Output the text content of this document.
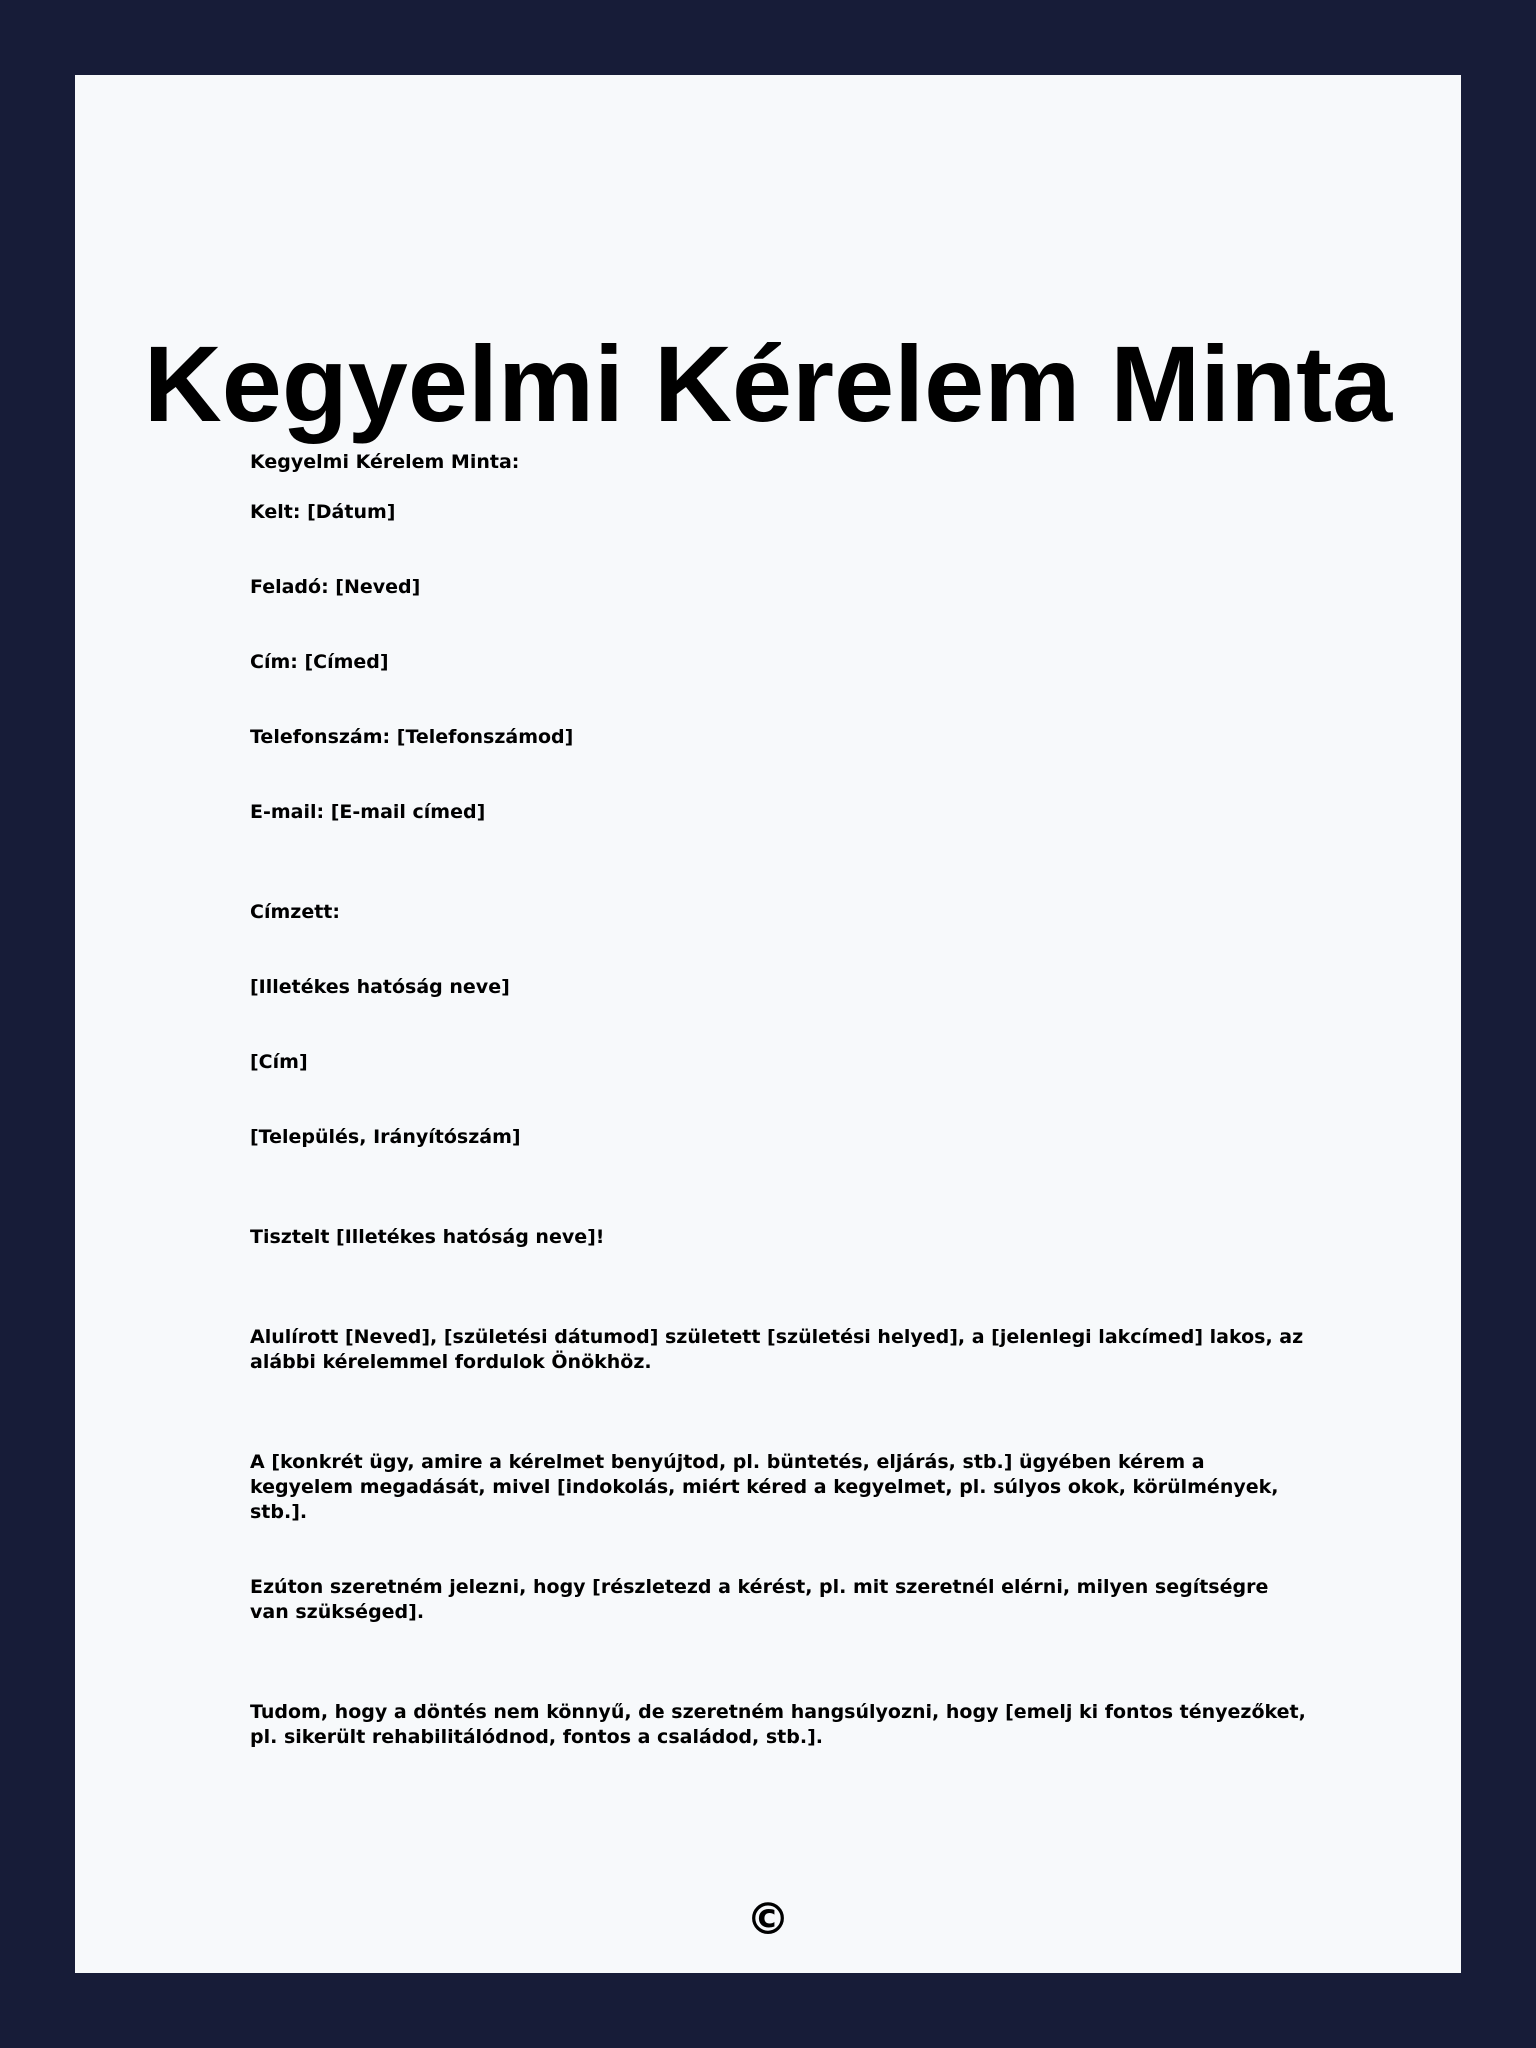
Kegyelmi Kérelem Minta

Kegyelmi Kérelem Minta:

Kelt: [Dátum]

Feladó: [Neved]

Cím: [Címed]

Telefonszám: [Telefonszámod]

E-mail: [E-mail címed]

Címzett:

[Illetékes hatóság neve]

[Cím]

[Település, Irányítószám]

Tisztelt [Illetékes hatóság neve]!

Alulírott [Neved], [születési dátumod] született [születési helyed], a [jelenlegi lakcímed] lakos, az alábbi kérelemmel fordulok Önökhöz.

A [konkrét ügy, amire a kérelmet benyújtod, pl. büntetés, eljárás, stb.] ügyében kérem a kegyelem megadását, mivel [indokolás, miért kéred a kegyelmet, pl. súlyos okok, körülmények, stb.].

Ezúton szeretném jelezni, hogy [részletezd a kérést, pl. mit szeretnél elérni, milyen segítségre van szükséged].

Tudom, hogy a döntés nem könnyű, de szeretném hangsúlyozni, hogy [emelj ki fontos tényezőket, pl. sikerült rehabilitálódnod, fontos a családod, stb.].

©
